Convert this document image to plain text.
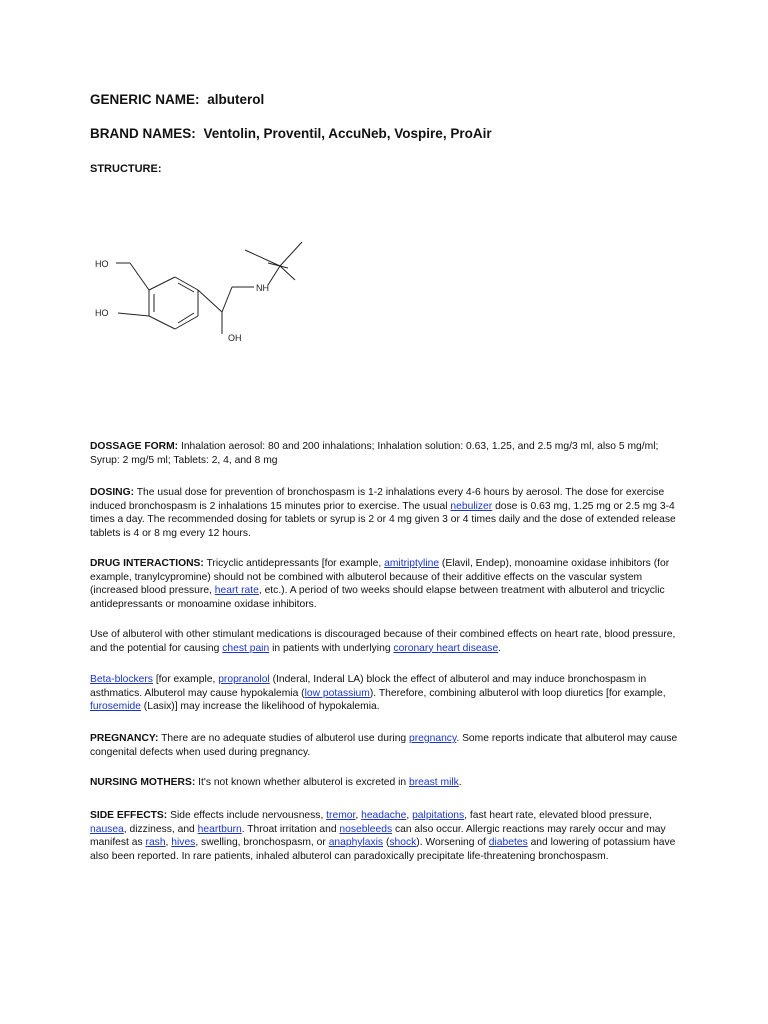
GENERIC NAME: albuterol
BRAND NAMES: Ventolin, Proventil, AccuNeb, Vospire, ProAir
STRUCTURE:
HO
HO
NH
OH
DOSSAGE FORM: Inhalation aerosol: 80 and 200 inhalations; Inhalation solution: 0.63, 1.25, and 2.5 mg/3 ml, also 5 mg/ml; Syrup: 2 mg/5 ml; Tablets: 2, 4, and 8 mg
DOSING: The usual dose for prevention of bronchospasm is 1-2 inhalations every 4-6 hours by aerosol. The dose for exercise induced bronchospasm is 2 inhalations 15 minutes prior to exercise. The usual nebulizer dose is 0.63 mg, 1.25 mg or 2.5 mg 3-4 times a day. The recommended dosing for tablets or syrup is 2 or 4 mg given 3 or 4 times daily and the dose of extended release tablets is 4 or 8 mg every 12 hours.
DRUG INTERACTIONS: Tricyclic antidepressants [for example, amitriptyline (Elavil, Endep), monoamine oxidase inhibitors (for example, tranylcypromine) should not be combined with albuterol because of their additive effects on the vascular system (increased blood pressure, heart rate, etc.). A period of two weeks should elapse between treatment with albuterol and tricyclic antidepressants or monoamine oxidase inhibitors.
Use of albuterol with other stimulant medications is discouraged because of their combined effects on heart rate, blood pressure, and the potential for causing chest pain in patients with underlying coronary heart disease.
Beta-blockers [for example, propranolol (Inderal, Inderal LA) block the effect of albuterol and may induce bronchospasm in asthmatics. Albuterol may cause hypokalemia (low potassium). Therefore, combining albuterol with loop diuretics [for example, furosemide (Lasix)] may increase the likelihood of hypokalemia.
PREGNANCY: There are no adequate studies of albuterol use during pregnancy. Some reports indicate that albuterol may cause congenital defects when used during pregnancy.
NURSING MOTHERS: It's not known whether albuterol is excreted in breast milk.
SIDE EFFECTS: Side effects include nervousness, tremor, headache, palpitations, fast heart rate, elevated blood pressure, nausea, dizziness, and heartburn. Throat irritation and nosebleeds can also occur. Allergic reactions may rarely occur and may manifest as rash, hives, swelling, bronchospasm, or anaphylaxis (shock). Worsening of diabetes and lowering of potassium have also been reported. In rare patients, inhaled albuterol can paradoxically precipitate life-threatening bronchospasm.
